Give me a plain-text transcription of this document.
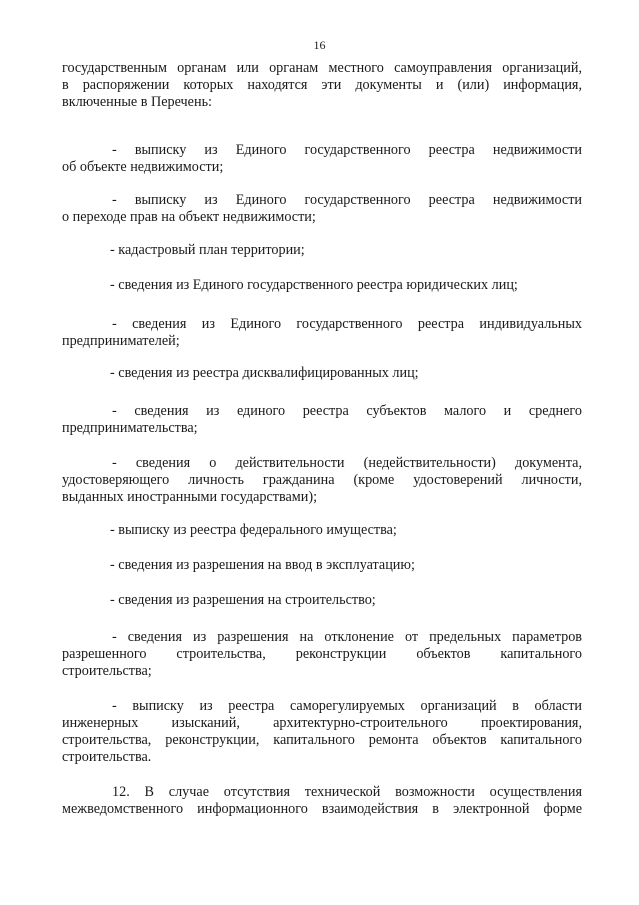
16
государственным органам или органам местного самоуправления организаций,
в распоряжении которых находятся эти документы и (или) информация,
включенные в Перечень:
- выписку из Единого государственного реестра недвижимости
об объекте недвижимости;
- выписку из Единого государственного реестра недвижимости
о переходе прав на объект недвижимости;
- кадастровый план территории;
- сведения из Единого государственного реестра юридических лиц;
- сведения из Единого государственного реестра индивидуальных
предпринимателей;
- сведения из реестра дисквалифицированных лиц;
- сведения из единого реестра субъектов малого и среднего
предпринимательства;
- сведения о действительности (недействительности) документа,
удостоверяющего личность гражданина (кроме удостоверений личности,
выданных иностранными государствами);
- выписку из реестра федерального имущества;
- сведения из разрешения на ввод в эксплуатацию;
- сведения из разрешения на строительство;
- сведения из разрешения на отклонение от предельных параметров
разрешенного строительства, реконструкции объектов капитального
строительства;
- выписку из реестра саморегулируемых организаций в области
инженерных изысканий, архитектурно-строительного проектирования,
строительства, реконструкции, капитального ремонта объектов капитального
строительства.
12. В случае отсутствия технической возможности осуществления
межведомственного информационного взаимодействия в электронной форме
